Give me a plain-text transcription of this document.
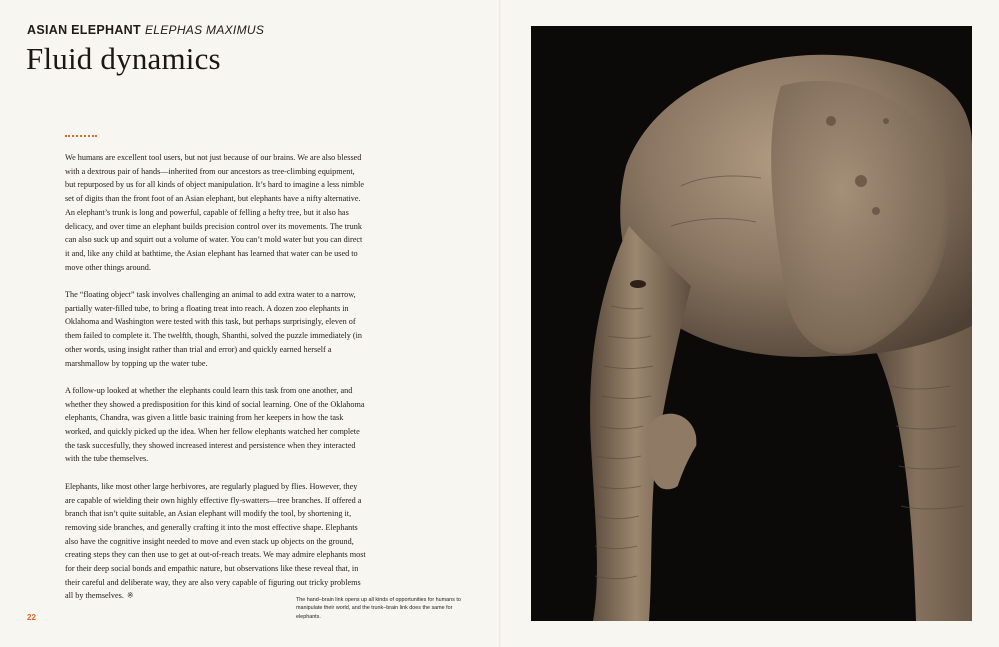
ASIAN ELEPHANT ELEPHAS MAXIMUS
Fluid dynamics

We humans are excellent tool users, but not just because of our brains. We are also blessed with a dextrous pair of hands—inherited from our ancestors as tree-climbing equipment, but repurposed by us for all kinds of object manipulation. It’s hard to imagine a less nimble set of digits than the front foot of an Asian elephant, but elephants have a nifty alternative. An elephant’s trunk is long and powerful, capable of felling a hefty tree, but it also has delicacy, and over time an elephant builds precision control over its movements. The trunk can also suck up and squirt out a volume of water. You can’t mold water but you can direct it and, like any child at bathtime, the Asian elephant has learned that water can be used to move other things around.

The “floating object” task involves challenging an animal to add extra water to a narrow, partially water-filled tube, to bring a floating treat into reach. A dozen zoo elephants in Oklahoma and Washington were tested with this task, but perhaps surprisingly, eleven of them failed to complete it. The twelfth, though, Shanthi, solved the puzzle immediately (in other words, using insight rather than trial and error) and quickly earned herself a marshmallow by topping up the water tube.

A follow-up looked at whether the elephants could learn this task from one another, and whether they showed a predisposition for this kind of social learning. One of the Oklahoma elephants, Chandra, was given a little basic training from her keepers in how the task worked, and quickly picked up the idea. When her fellow elephants watched her complete the task succesfully, they showed increased interest and persistence when they interacted with the tube themselves.

Elephants, like most other large herbivores, are regularly plagued by flies. However, they are capable of wielding their own highly effective fly-swatters—tree branches. If offered a branch that isn’t quite suitable, an Asian elephant will modify the tool, by shortening it, removing side branches, and generally crafting it into the most effective shape. Elephants also have the cognitive insight needed to move and even stack up objects on the ground, creating steps they can then use to get at out-of-reach treats. We may admire elephants most for their deep social bonds and empathic nature, but observations like these reveal that, in their careful and deliberate way, they are also very capable of figuring out tricky problems all by themselves. ※	The hand–brain link opens up all kinds of opportunities for humans to manipulate their world, and the trunk–brain link does the same for elephants.
22
